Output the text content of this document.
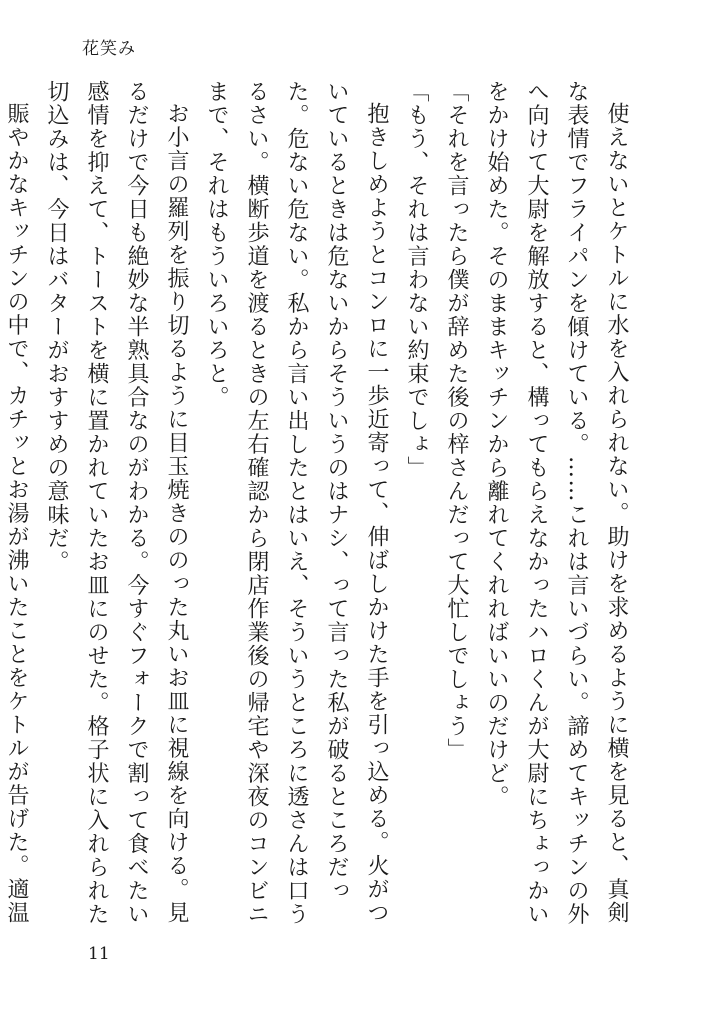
花笑み

使えないとケトルに水を入れられない。助けを求めるように横を見ると、真剣な表情でフライパンを傾けている。……これは言いづらい。諦めてキッチンの外へ向けて大尉を解放すると、構ってもらえなかったハロくんが大尉にちょっかいをかけ始めた。そのままキッチンから離れてくれればいいのだけど。

「それを言ったら僕が辞めた後の梓さんだって大忙しでしょう」

「もう、それは言わない約束でしょ」

抱きしめようとコンロに一歩近寄って、伸ばしかけた手を引っ込める。火がついているときは危ないからそういうのはナシ、って言った私が破るところだった。危ない危ない。私から言い出したとはいえ、そういうところに透さんは口うるさい。横断歩道を渡るときの左右確認から閉店作業後の帰宅や深夜のコンビニまで、それはもういろいろと。

お小言の羅列を振り切るように目玉焼きののった丸いお皿に視線を向ける。見るだけで今日も絶妙な半熟具合なのがわかる。今すぐフォークで割って食べたい感情を抑えて、トーストを横に置かれていたお皿にのせた。格子状に入れられた切込みは、今日はバターがおすすめの意味だ。

賑やかなキッチンの中で、カチッとお湯が沸いたことをケトルが告げた。適温

11
